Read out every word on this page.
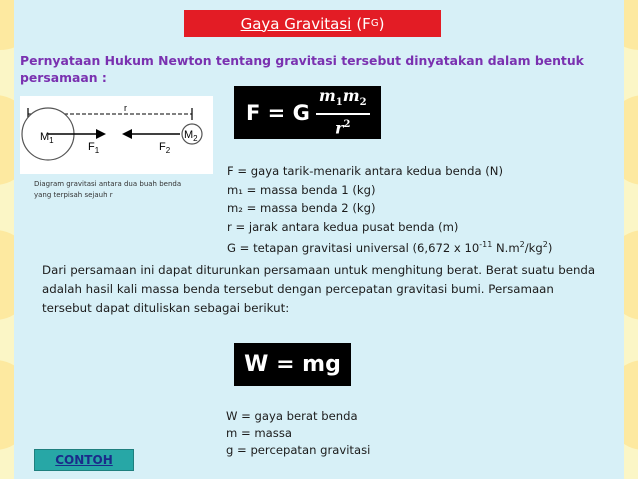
Gaya Gravitasi (F G )
Pernyataan Hukum Newton tentang gravitasi tersebut dinyatakan dalam bentuk persamaan :
r
$M_1$	$M_2$
$F_1$	$F_2$
Diagram gravitasi antara dua buah benda yang terpisah sejauh r
F = G $\frac{m_1m_2}{r^2}$
F = gaya tarik-menarik antara kedua benda (N)
m₁ = massa benda 1 (kg)
m₂ = massa benda 2 (kg)
r = jarak antara kedua pusat benda (m)
G = tetapan gravitasi universal (6,672 x $10^{-11}$ $N.m^2/kg^2$)
Dari persamaan ini dapat diturunkan persamaan untuk menghitung berat. Berat suatu benda adalah hasil kali massa benda tersebut dengan percepatan gravitasi bumi. Persamaan tersebut dapat dituliskan sebagai berikut:
W = mg
W = gaya berat benda
m = massa
g = percepatan gravitasi
CONTOH
